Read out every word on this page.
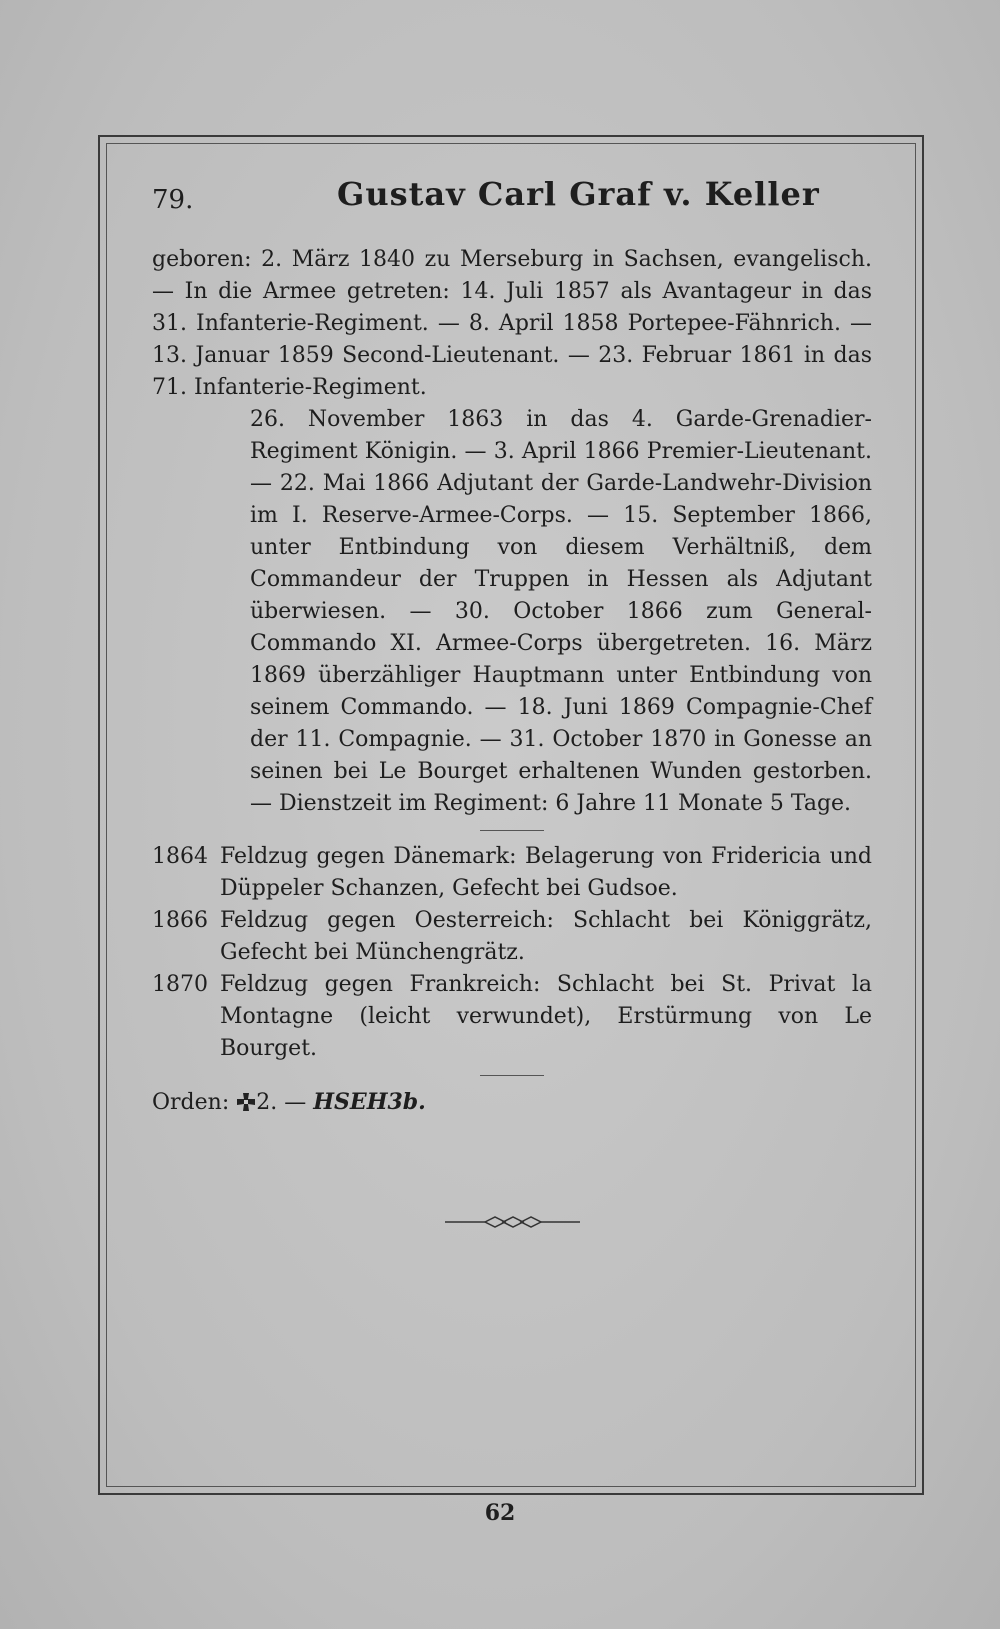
79.	Gustav Carl Graf v. Keller

geboren: 2. März 1840 zu Merseburg in Sachsen, evangelisch. — In die Armee getreten: 14. Juli 1857 als Avantageur in das 31. Infanterie-Regiment. — 8. April 1858 Portepee-Fähnrich. — 13. Januar 1859 Second-Lieutenant. — 23. Februar 1861 in das 71. Infanterie-Regiment.

26. November 1863 in das 4. Garde-Grenadier-Regiment Königin. — 3. April 1866 Premier-Lieutenant. — 22. Mai 1866 Adjutant der Garde-Landwehr-Division im I. Reserve-Armee-Corps. — 15. September 1866, unter Entbindung von diesem Verhältniß, dem Commandeur der Truppen in Hessen als Adjutant überwiesen. — 30. October 1866 zum General-Commando XI. Armee-Corps übergetreten. 16. März 1869 überzähliger Hauptmann unter Entbindung von seinem Commando. — 18. Juni 1869 Compagnie-Chef der 11. Compagnie. — 31. October 1870 in Gonesse an seinen bei Le Bourget erhaltenen Wunden gestorben. — Dienstzeit im Regiment: 6 Jahre 11 Monate 5 Tage.

1864 Feldzug gegen Dänemark: Belagerung von Fridericia und Düppeler Schanzen, Gefecht bei Gudsoe.
1866 Feldzug gegen Oesterreich: Schlacht bei Königgrätz, Gefecht bei Münchengrätz.
1870 Feldzug gegen Frankreich: Schlacht bei St. Privat la Montagne (leicht verwundet), Erstürmung von Le Bourget.

Orden: 2. — HSEH3b.

62
